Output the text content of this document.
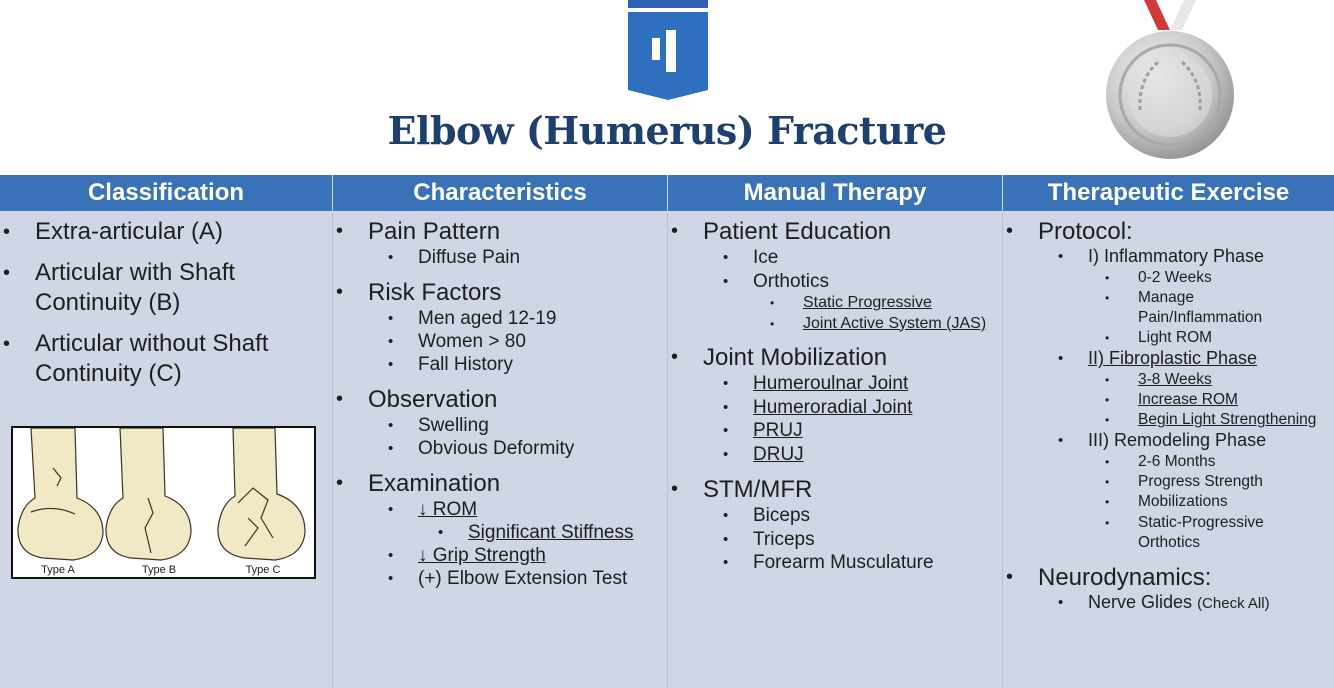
Elbow (Humerus) Fracture
Classification	Characteristics	Manual Therapy	Therapeutic Exercise
• Extra-articular (A)
• Articular with Shaft Continuity (B)
• Articular without Shaft Continuity (C)
Type A	Type B	Type C
• Pain Pattern
• Diffuse Pain
• Risk Factors
• Men aged 12-19
• Women > 80
• Fall History
• Observation
• Swelling
• Obvious Deformity
• Examination
• ↓ ROM
• Significant Stiffness
• ↓ Grip Strength
• (+) Elbow Extension Test
• Patient Education
• Ice
• Orthotics
• Static Progressive
• Joint Active System (JAS)
• Joint Mobilization
• Humeroulnar Joint
• Humeroradial Joint
• PRUJ
• DRUJ
• STM/MFR
• Biceps
• Triceps
• Forearm Musculature
• Protocol:
• I) Inflammatory Phase
• 0-2 Weeks
• Manage Pain/Inflammation
• Light ROM
• II) Fibroplastic Phase
• 3-8 Weeks
• Increase ROM
• Begin Light Strengthening
• III) Remodeling Phase
• 2-6 Months
• Progress Strength
• Mobilizations
• Static-Progressive Orthotics
• Neurodynamics:
• Nerve Glides (Check All)
